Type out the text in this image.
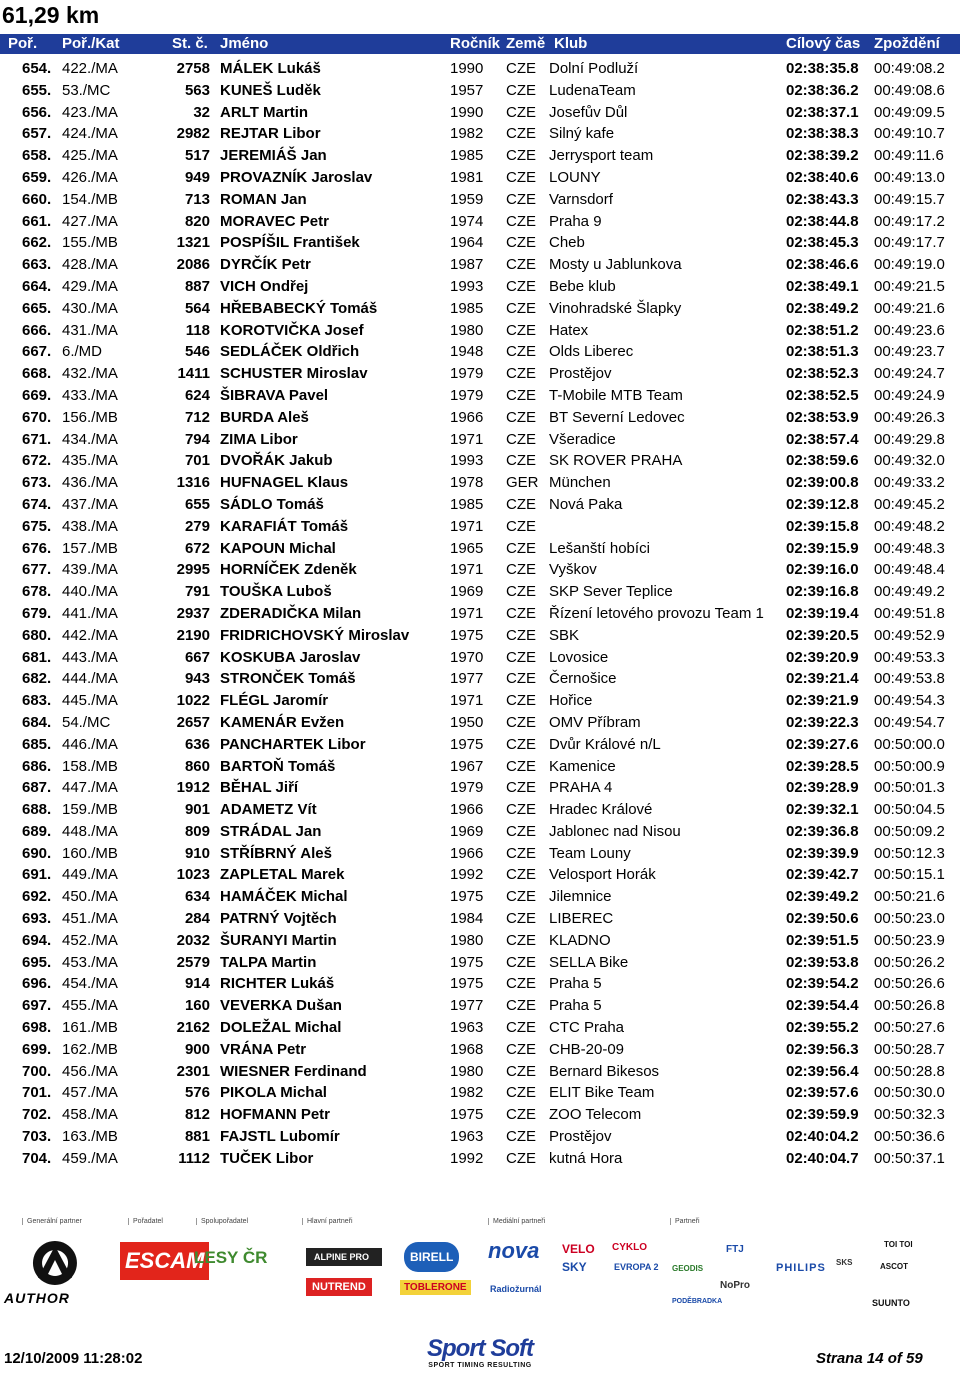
61,29 km
Poř. Poř./Kat	St. č. Jméno	Ročník Země Klub	Cílový čas Zpoždění
654. 422./MA	2758 MÁLEK Lukáš	1990 CZE Dolní Podluží	02:38:35.8 00:49:08.2
655. 53./MC	563 KUNEŠ Luděk	1957 CZE LudenaTeam	02:38:36.2 00:49:08.6
656. 423./MA	32 ARLT Martin	1990 CZE Josefův Důl	02:38:37.1 00:49:09.5
657. 424./MA	2982 REJTAR Libor	1982 CZE Silný kafe	02:38:38.3 00:49:10.7
658. 425./MA	517 JEREMIÁŠ Jan	1985 CZE Jerrysport team	02:38:39.2 00:49:11.6
659. 426./MA	949 PROVAZNÍK Jaroslav	1981 CZE LOUNY	02:38:40.6 00:49:13.0
660. 154./MB	713 ROMAN Jan	1959 CZE Varnsdorf	02:38:43.3 00:49:15.7
661. 427./MA	820 MORAVEC Petr	1974 CZE Praha 9	02:38:44.8 00:49:17.2
662. 155./MB	1321 POSPÍŠIL František	1964 CZE Cheb	02:38:45.3 00:49:17.7
663. 428./MA	2086 DYRČÍK Petr	1987 CZE Mosty u Jablunkova	02:38:46.6 00:49:19.0
664. 429./MA	887 VICH Ondřej	1993 CZE Bebe klub	02:38:49.1 00:49:21.5
665. 430./MA	564 HŘEBABECKÝ Tomáš	1985 CZE Vinohradské Šlapky	02:38:49.2 00:49:21.6
666. 431./MA	118 KOROTVIČKA Josef	1980 CZE Hatex	02:38:51.2 00:49:23.6
667. 6./MD	546 SEDLÁČEK Oldřich	1948 CZE Olds Liberec	02:38:51.3 00:49:23.7
668. 432./MA	1411 SCHUSTER Miroslav	1979 CZE Prostějov	02:38:52.3 00:49:24.7
669. 433./MA	624 ŠIBRAVA Pavel	1979 CZE T-Mobile MTB Team	02:38:52.5 00:49:24.9
670. 156./MB	712 BURDA Aleš	1966 CZE BT Severní Ledovec	02:38:53.9 00:49:26.3
671. 434./MA	794 ZIMA Libor	1971 CZE Všeradice	02:38:57.4 00:49:29.8
672. 435./MA	701 DVOŘÁK Jakub	1993 CZE SK ROVER PRAHA	02:38:59.6 00:49:32.0
673. 436./MA	1316 HUFNAGEL Klaus	1978 GER München	02:39:00.8 00:49:33.2
674. 437./MA	655 SÁDLO Tomáš	1985 CZE Nová Paka	02:39:12.8 00:49:45.2
675. 438./MA	279 KARAFIÁT Tomáš	1971 CZE	02:39:15.8 00:49:48.2
676. 157./MB	672 KAPOUN Michal	1965 CZE Lešanští hobíci	02:39:15.9 00:49:48.3
677. 439./MA	2995 HORNÍČEK Zdeněk	1971 CZE Vyškov	02:39:16.0 00:49:48.4
678. 440./MA	791 TOUŠKA Luboš	1969 CZE SKP Sever Teplice	02:39:16.8 00:49:49.2
679. 441./MA	2937 ZDERADIČKA Milan	1971 CZE Řízení letového provozu Team 1 02:39:19.4 00:49:51.8
680. 442./MA	2190 FRIDRICHOVSKÝ Miroslav	1975 CZE SBK	02:39:20.5 00:49:52.9
681. 443./MA	667 KOSKUBA Jaroslav	1970 CZE Lovosice	02:39:20.9 00:49:53.3
682. 444./MA	943 STRONČEK Tomáš	1977 CZE Černošice	02:39:21.4 00:49:53.8
683. 445./MA	1022 FLÉGL Jaromír	1971 CZE Hořice	02:39:21.9 00:49:54.3
684. 54./MC	2657 KAMENÁR Evžen	1950 CZE OMV Příbram	02:39:22.3 00:49:54.7
685. 446./MA	636 PANCHARTEK Libor	1975 CZE Dvůr Králové n/L	02:39:27.6 00:50:00.0
686. 158./MB	860 BARTOŇ Tomáš	1967 CZE Kamenice	02:39:28.5 00:50:00.9
687. 447./MA	1912 BĚHAL Jiří	1979 CZE PRAHA 4	02:39:28.9 00:50:01.3
688. 159./MB	901 ADAMETZ Vít	1966 CZE Hradec Králové	02:39:32.1 00:50:04.5
689. 448./MA	809 STRÁDAL Jan	1969 CZE Jablonec nad Nisou	02:39:36.8 00:50:09.2
690. 160./MB	910 STŘÍBRNÝ Aleš	1966 CZE Team Louny	02:39:39.9 00:50:12.3
691. 449./MA	1023 ZAPLETAL Marek	1992 CZE Velosport Horák	02:39:42.7 00:50:15.1
692. 450./MA	634 HAMÁČEK Michal	1975 CZE Jilemnice	02:39:49.2 00:50:21.6
693. 451./MA	284 PATRNÝ Vojtěch	1984 CZE LIBEREC	02:39:50.6 00:50:23.0
694. 452./MA	2032 ŠURANYI Martin	1980 CZE KLADNO	02:39:51.5 00:50:23.9
695. 453./MA	2579 TALPA Martin	1975 CZE SELLA Bike	02:39:53.8 00:50:26.2
696. 454./MA	914 RICHTER Lukáš	1975 CZE Praha 5	02:39:54.2 00:50:26.6
697. 455./MA	160 VEVERKA Dušan	1977 CZE Praha 5	02:39:54.4 00:50:26.8
698. 161./MB	2162 DOLEŽAL Michal	1963 CZE CTC Praha	02:39:55.2 00:50:27.6
699. 162./MB	900 VRÁNA Petr	1968 CZE CHB-20-09	02:39:56.3 00:50:28.7
700. 456./MA	2301 WIESNER Ferdinand	1980 CZE Bernard Bikesos	02:39:56.4 00:50:28.8
701. 457./MA	576 PIKOLA Michal	1982 CZE ELIT Bike Team	02:39:57.6 00:50:30.0
702. 458./MA	812 HOFMANN Petr	1975 CZE ZOO Telecom	02:39:59.9 00:50:32.3
703. 163./MB	881 FAJSTL Lubomír	1963 CZE Prostějov	02:40:04.2 00:50:36.6
704. 459./MA	1112 TUČEK Libor	1992 CZE kutná Hora	02:40:04.7 00:50:37.1
Generální partner	Pořadatel	Spolupořadatel	Hlavní partneři	Mediální partneři	Partneři
AUTHOR
ESCAM
LESY ČR	ALPINE PRO
NUTREND
BIRELL
TOBLERONE
nova
Radiožurnál
VELO
SKY
CYKLO
EVROPA 2 GEODIS
PODĚBRADKA
FTJ
NoPro
PHILIPS SKS
TOI TOI
ASCOT
SUUNTO
12/10/2009 11:28:02	Sport Soft
SPORT TIMING RESULTING	Strana 14 of 59
